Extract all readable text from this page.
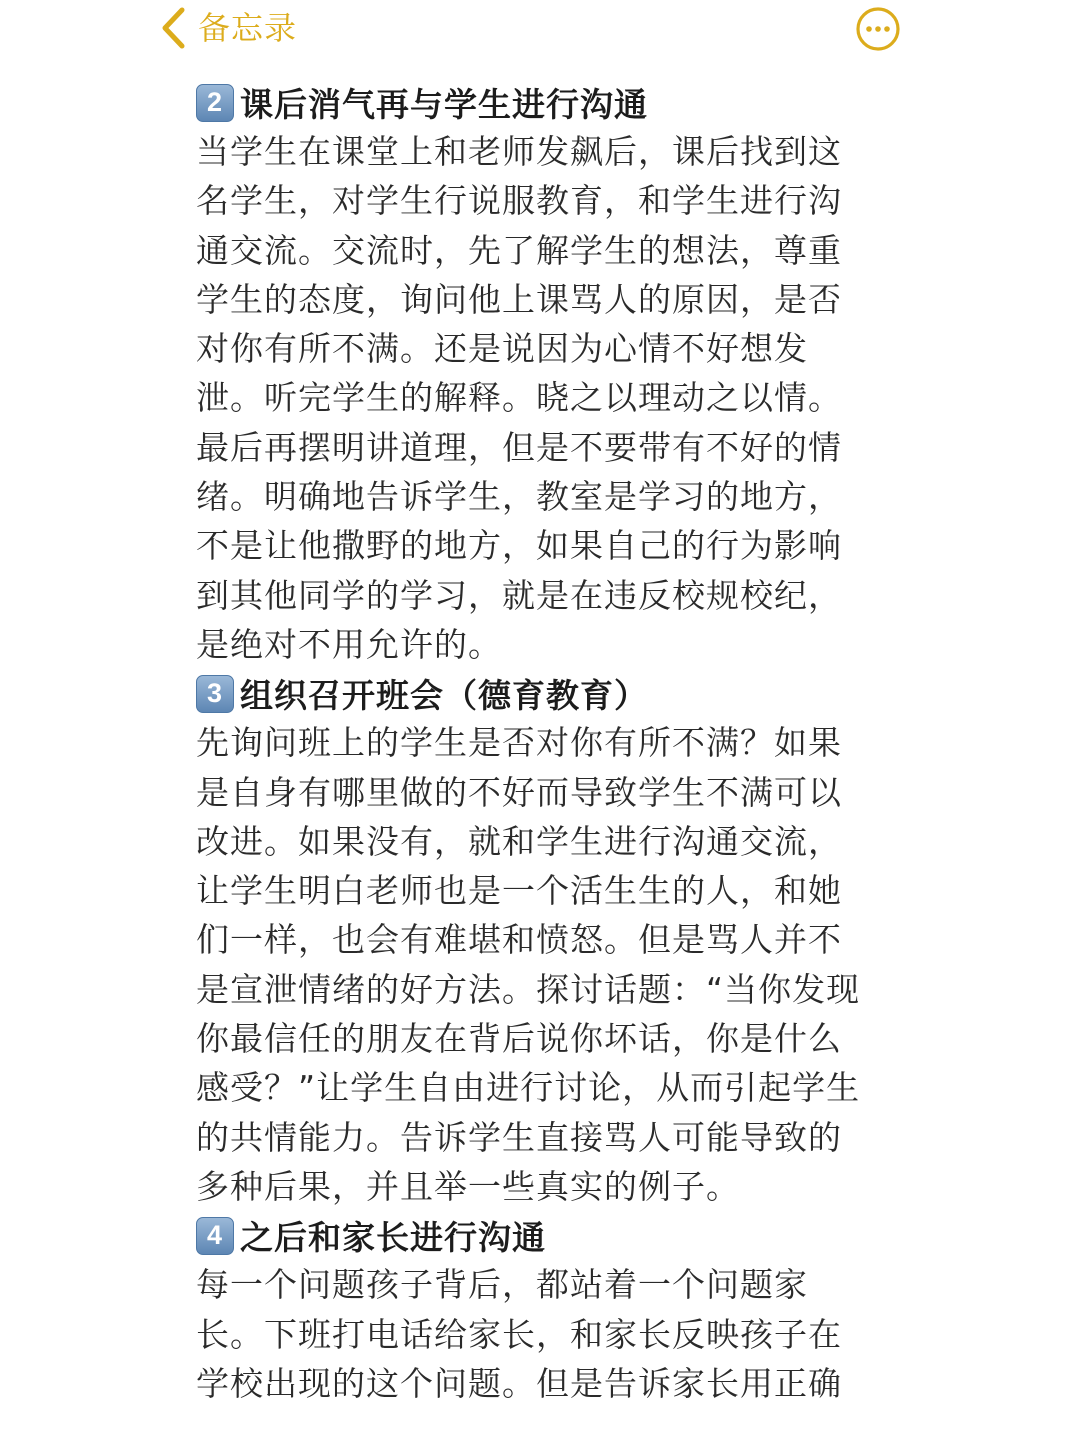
备忘录
2 课后消气再与学生进行沟通
当学生在课堂上和老师发飙后，课后找到这
名学生，对学生行说服教育，和学生进行沟
通交流。交流时，先了解学生的想法，尊重
学生的态度，询问他上课骂人的原因，是否
对你有所不满。还是说因为心情不好想发
泄。听完学生的解释。晓之以理动之以情。
最后再摆明讲道理，但是不要带有不好的情
绪。明确地告诉学生，教室是学习的地方，
不是让他撒野的地方，如果自己的行为影响
到其他同学的学习，就是在违反校规校纪，
是绝对不用允许的。
3 组织召开班会（德育教育）
先询问班上的学生是否对你有所不满？如果
是自身有哪里做的不好而导致学生不满可以
改进。如果没有，就和学生进行沟通交流，
让学生明白老师也是一个活生生的人，和她
们一样，也会有难堪和愤怒。但是骂人并不
是宣泄情绪的好方法。探讨话题：“当你发现
你最信任的朋友在背后说你坏话，你是什么
感受？”让学生自由进行讨论，从而引起学生
的共情能力。告诉学生直接骂人可能导致的
多种后果，并且举一些真实的例子。
4 之后和家长进行沟通
每一个问题孩子背后，都站着一个问题家
长。下班打电话给家长，和家长反映孩子在
学校出现的这个问题。但是告诉家长用正确
